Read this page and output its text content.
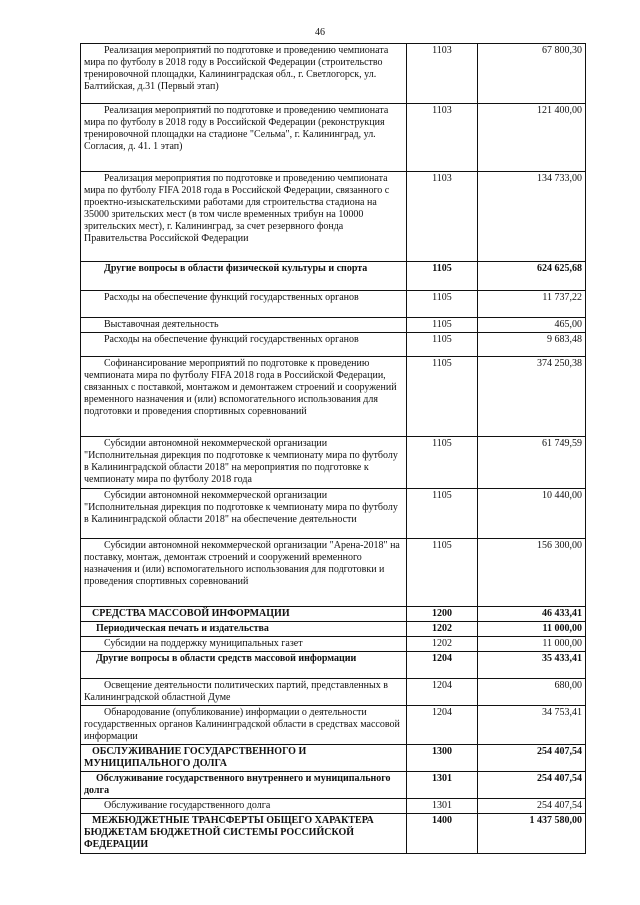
46
Реализация мероприятий по подготовке и проведению чемпионата мира по футболу в 2018 году в Российской Федерации (строительство тренировочной площадки, Калининградская обл., г. Светлогорск, ул. Балтийская, д.31 (Первый этап)	1103	67 800,30
Реализация мероприятий по подготовке и проведению чемпионата мира по футболу в 2018 году в Российской Федерации (реконструкция тренировочной площадки на стадионе "Сельма", г. Калининград, ул. Согласия, д. 41. 1 этап)	1103	121 400,00
Реализация мероприятия по подготовке и проведению чемпионата мира по футболу FIFA 2018 года в Российской Федерации, связанного с проектно-изыскательскими работами для строительства стадиона на 35000 зрительских мест (в том числе временных трибун на 10000 зрительских мест), г. Калининград, за счет резервного фонда Правительства Российской Федерации	1103	134 733,00
Другие вопросы в области физической культуры и спорта	1105	624 625,68
Расходы на обеспечение функций государственных органов	1105	11 737,22
Выставочная деятельность	1105	465,00
Расходы на обеспечение функций государственных органов	1105	9 683,48
Софинансирование мероприятий по подготовке к проведению чемпионата мира по футболу FIFA 2018 года в Российской Федерации, связанных с поставкой, монтажом и демонтажем строений и сооружений временного назначения и (или) вспомогательного использования для подготовки и проведения спортивных соревнований	1105	374 250,38
Субсидии автономной некоммерческой организации "Исполнительная дирекция по подготовке к чемпионату мира по футболу в Калининградской области 2018" на мероприятия по подготовке к чемпионату мира по футболу 2018 года	1105	61 749,59
Субсидии автономной некоммерческой организации "Исполнительная дирекция по подготовке к чемпионату мира по футболу в Калининградской области 2018" на обеспечение деятельности	1105	10 440,00
Субсидии автономной некоммерческой организации "Арена-2018" на поставку, монтаж, демонтаж строений и сооружений временного назначения и (или) вспомогательного использования для подготовки и проведения спортивных соревнований	1105	156 300,00
СРЕДСТВА МАССОВОЙ ИНФОРМАЦИИ	1200	46 433,41
Периодическая печать и издательства	1202	11 000,00
Субсидии на поддержку муниципальных газет	1202	11 000,00
Другие вопросы в области средств массовой информации	1204	35 433,41
Освещение деятельности политических партий, представленных в Калининградской областной Думе	1204	680,00
Обнародование (опубликование) информации о деятельности государственных органов Калининградской области в средствах массовой информации	1204	34 753,41
ОБСЛУЖИВАНИЕ ГОСУДАРСТВЕННОГО И МУНИЦИПАЛЬНОГО ДОЛГА	1300	254 407,54
Обслуживание государственного внутреннего и муниципального долга	1301	254 407,54
Обслуживание государственного долга	1301	254 407,54
МЕЖБЮДЖЕТНЫЕ ТРАНСФЕРТЫ ОБЩЕГО ХАРАКТЕРА БЮДЖЕТАМ БЮДЖЕТНОЙ СИСТЕМЫ РОССИЙСКОЙ ФЕДЕРАЦИИ	1400	1 437 580,00
